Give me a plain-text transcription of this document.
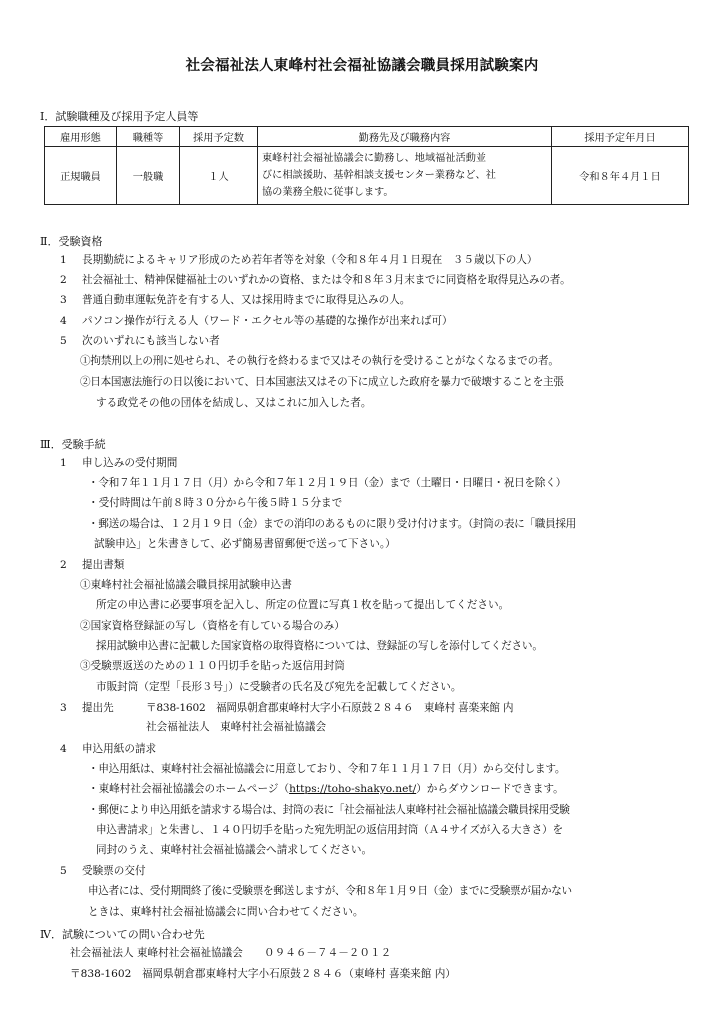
社会福祉法人東峰村社会福祉協議会職員採用試験案内
Ⅰ．試験職種及び採用予定人員等
雇用形態	職種等	採用予定数	勤務先及び職務内容	採用予定年月日
正規職員	一般職	１人	東峰村社会福祉協議会に勤務し、地域福祉活動並
びに相談援助、基幹相談支援センター業務など、社
協の業務全般に従事します。	令和８年４月１日
Ⅱ．受験資格
1 長期勤続によるキャリア形成のため若年者等を対象（令和８年４月１日現在　３５歳以下の人）
2 社会福祉士、精神保健福祉士のいずれかの資格、または令和８年３月末までに同資格を取得見込みの者。
3 普通自動車運転免許を有する人、又は採用時までに取得見込みの人。
4 パソコン操作が行える人（ワード・エクセル等の基礎的な操作が出来れば可）
5 次のいずれにも該当しない者
①拘禁刑以上の刑に処せられ、その執行を終わるまで又はその執行を受けることがなくなるまでの者。
②日本国憲法施行の日以後において、日本国憲法又はその下に成立した政府を暴力で破壊することを主張
する政党その他の団体を結成し、又はこれに加入した者。
Ⅲ．受験手続
1 申し込みの受付期間
・令和７年１１月１７日（月）から令和７年１２月１９日（金）まで（土曜日・日曜日・祝日を除く）
・受付時間は午前８時３０分から午後５時１５分まで
・郵送の場合は、１２月１９日（金）までの消印のあるものに限り受け付けます。（封筒の表に「職員採用
試験申込」と朱書きして、必ず簡易書留郵便で送って下さい。）
2 提出書類
①東峰村社会福祉協議会職員採用試験申込書
所定の申込書に必要事項を記入し、所定の位置に写真１枚を貼って提出してください。
②国家資格登録証の写し（資格を有している場合のみ）
採用試験申込書に記載した国家資格の取得資格については、登録証の写しを添付してください。
③受験票返送のための１１０円切手を貼った返信用封筒
市販封筒（定型「長形３号」）に受験者の氏名及び宛先を記載してください。
3 提出先	〒838-1602　福岡県朝倉郡東峰村大字小石原鼓２８４６　東峰村 喜楽来館 内
社会福祉法人　東峰村社会福祉協議会
4 申込用紙の請求
・申込用紙は、東峰村社会福祉協議会に用意しており、令和７年１１月１７日（月）から交付します。
・東峰村社会福祉協議会のホームページ（https://toho-shakyo.net/）からダウンロードできます。
・郵便により申込用紙を請求する場合は、封筒の表に「社会福祉法人東峰村社会福祉協議会職員採用受験
申込書請求」と朱書し、１４０円切手を貼った宛先明記の返信用封筒（Ａ４サイズが入る大きさ）を
同封のうえ、東峰村社会福祉協議会へ請求してください。
5 受験票の交付
申込者には、受付期間終了後に受験票を郵送しますが、令和８年１月９日（金）までに受験票が届かない
ときは、東峰村社会福祉協議会に問い合わせてください。
Ⅳ．試験についての問い合わせ先
社会福祉法人 東峰村社会福祉協議会　　０９４６－７４－２０１２
〒838-1602　福岡県朝倉郡東峰村大字小石原鼓２８４６（東峰村 喜楽来館 内）
